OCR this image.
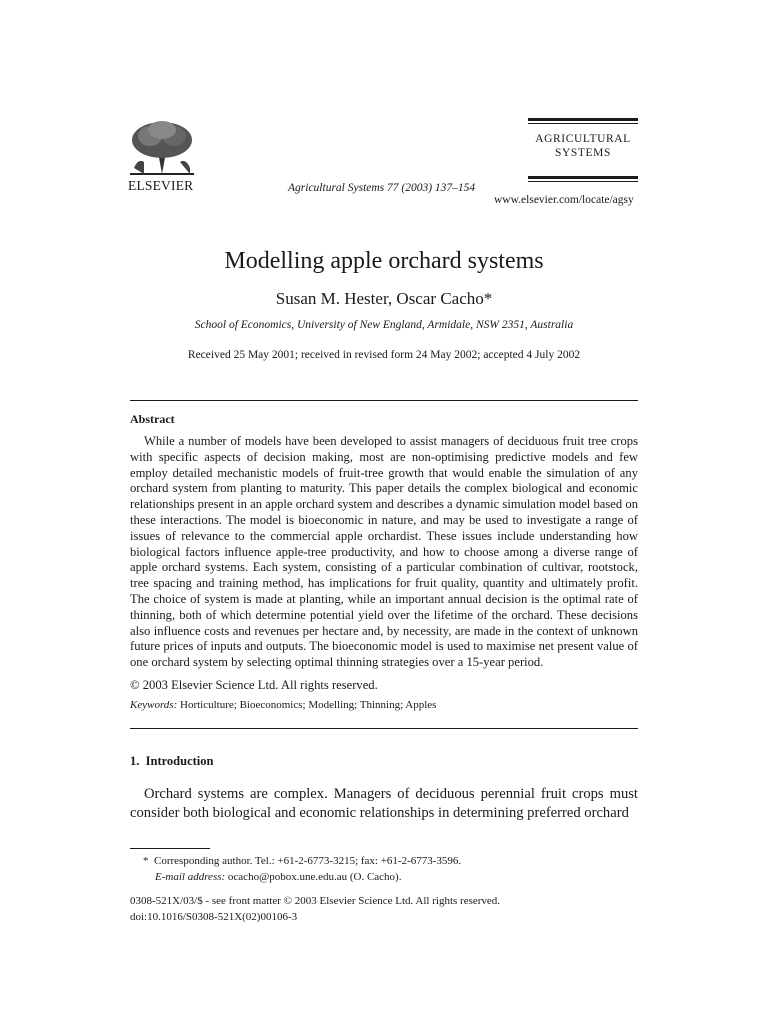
ELSEVIER	Agricultural Systems 77 (2003) 137–154
AGRICULTURAL
SYSTEMS
www.elsevier.com/locate/agsy
Modelling apple orchard systems
Susan M. Hester, Oscar Cacho*
School of Economics, University of New England, Armidale, NSW 2351, Australia
Received 25 May 2001; received in revised form 24 May 2002; accepted 4 July 2002
Abstract

While a number of models have been developed to assist managers of deciduous fruit tree crops with specific aspects of decision making, most are non-optimising predictive models and few employ detailed mechanistic models of fruit-tree growth that would enable the simulation of any orchard system from planting to maturity. This paper details the complex biological and economic relationships present in an apple orchard system and describes a dynamic simulation model based on these interactions. The model is bioeconomic in nature, and may be used to investigate a range of issues of relevance to the commercial apple orchardist. These issues include understanding how biological factors influence apple-tree productivity, and how to choose among a diverse range of apple orchard systems. Each system, consisting of a particular combination of cultivar, rootstock, tree spacing and training method, has implications for fruit quality, quantity and ultimately profit. The choice of system is made at planting, while an important annual decision is the optimal rate of thinning, both of which determine potential yield over the lifetime of the orchard. These decisions also influence costs and revenues per hectare and, by necessity, are made in the context of unknown future prices of inputs and outputs. The bioeconomic model is used to maximise net present value of one orchard system by selecting optimal thinning strategies over a 15-year period.

© 2003 Elsevier Science Ltd. All rights reserved.
Keywords: Horticulture; Bioeconomics; Modelling; Thinning; Apples
1.  Introduction

Orchard systems are complex. Managers of deciduous perennial fruit crops must consider both biological and economic relationships in determining preferred orchard

*  Corresponding author. Tel.: +61-2-6773-3215; fax: +61-2-6773-3596.
E-mail address: ocacho@pobox.une.edu.au (O. Cacho).
0308-521X/03/$ - see front matter © 2003 Elsevier Science Ltd. All rights reserved.
doi:10.1016/S0308-521X(02)00106-3
